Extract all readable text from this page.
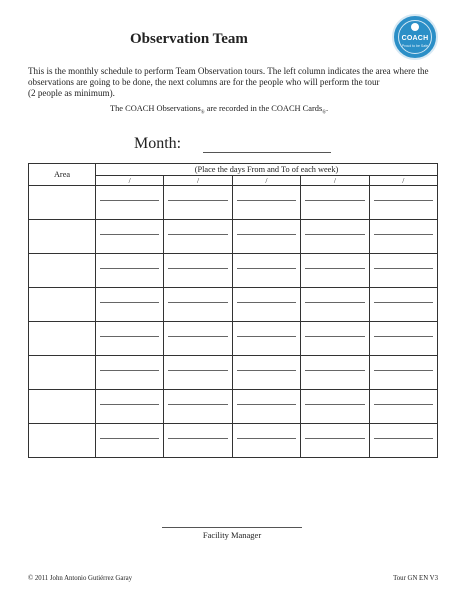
Observation Team	COACH
Proud to be Safe

This is the monthly schedule to perform Team Observation tours. The left column indicates the area where the

observations are going to be done, the next columns are for the people who will perform the tour

(2 people as minimum).

The COACH Observations$_®$ are recorded in the COACH Cards$_®$.
Month:
Area	(Place the days From and To of each week)				
	/	/	/	/	/

Facility Manager
© 2011 John Antonio Gutiérrez Garay	Tour GN EN V3
